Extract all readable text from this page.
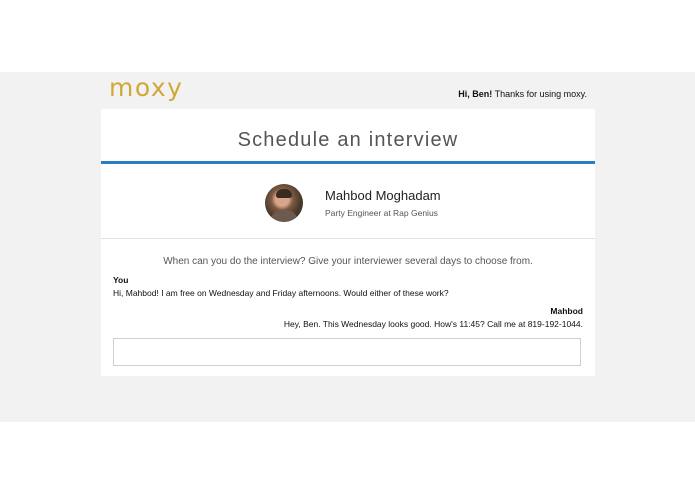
moxy	Hi, Ben! Thanks for using moxy.
Schedule an interview
Mahbod Moghadam
Party Engineer at Rap Genius
When can you do the interview? Give your interviewer several days to choose from.
You
Hi, Mahbod! I am free on Wednesday and Friday afternoons. Would either of these work?
Mahbod
Hey, Ben. This Wednesday looks good. How's 11:45? Call me at 819-192-1044.
